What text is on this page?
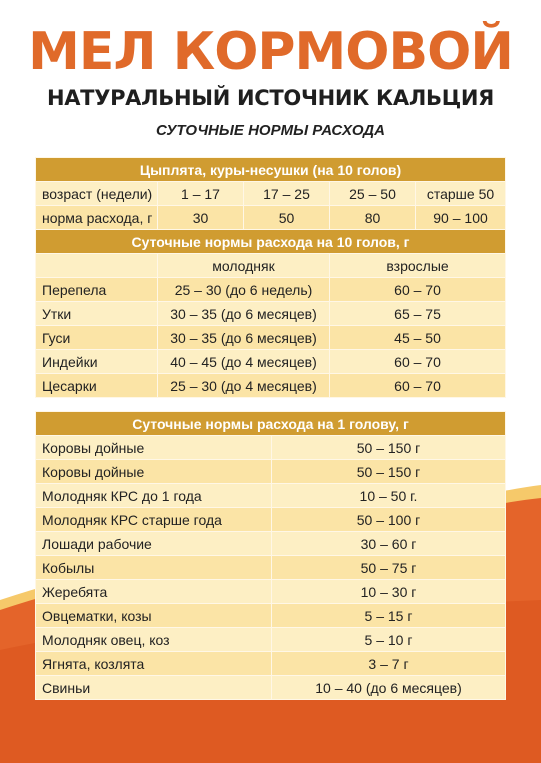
МЕЛ КОРМОВОЙ
НАТУРАЛЬНЫЙ ИСТОЧНИК КАЛЬЦИЯ
СУТОЧНЫЕ НОРМЫ РАСХОДА
Цыплята, куры-несушки (на 10 голов)				
возраст (недели)	1 – 17	17 – 25	25 – 50	старше 50
норма расхода, г	30	50	80	90 – 100
Суточные нормы расхода на 10 голов, г				
	молодняк		взрослые	
Перепела	25 – 30 (до 6 недель)		60 – 70	
Утки	30 – 35 (до 6 месяцев)		65 – 75	
Гуси	30 – 35 (до 6 месяцев)		45 – 50	
Индейки	40 – 45 (до 4 месяцев)		60 – 70	
Цесарки	25 – 30 (до 4 месяцев)		60 – 70	
Суточные нормы расхода на 1 голову, г	
Коровы дойные	50 – 150 г
Коровы дойные	50 – 150 г
Молодняк КРС до 1 года	10 – 50 г.
Молодняк КРС старше года	50 – 100 г
Лошади рабочие	30 – 60 г
Кобылы	50 – 75 г
Жеребята	10 – 30 г
Овцематки, козы	5 – 15 г
Молодняк овец, коз	5 – 10 г
Ягнята, козлята	3 – 7 г
Свиньи	10 – 40 (до 6 месяцев)
